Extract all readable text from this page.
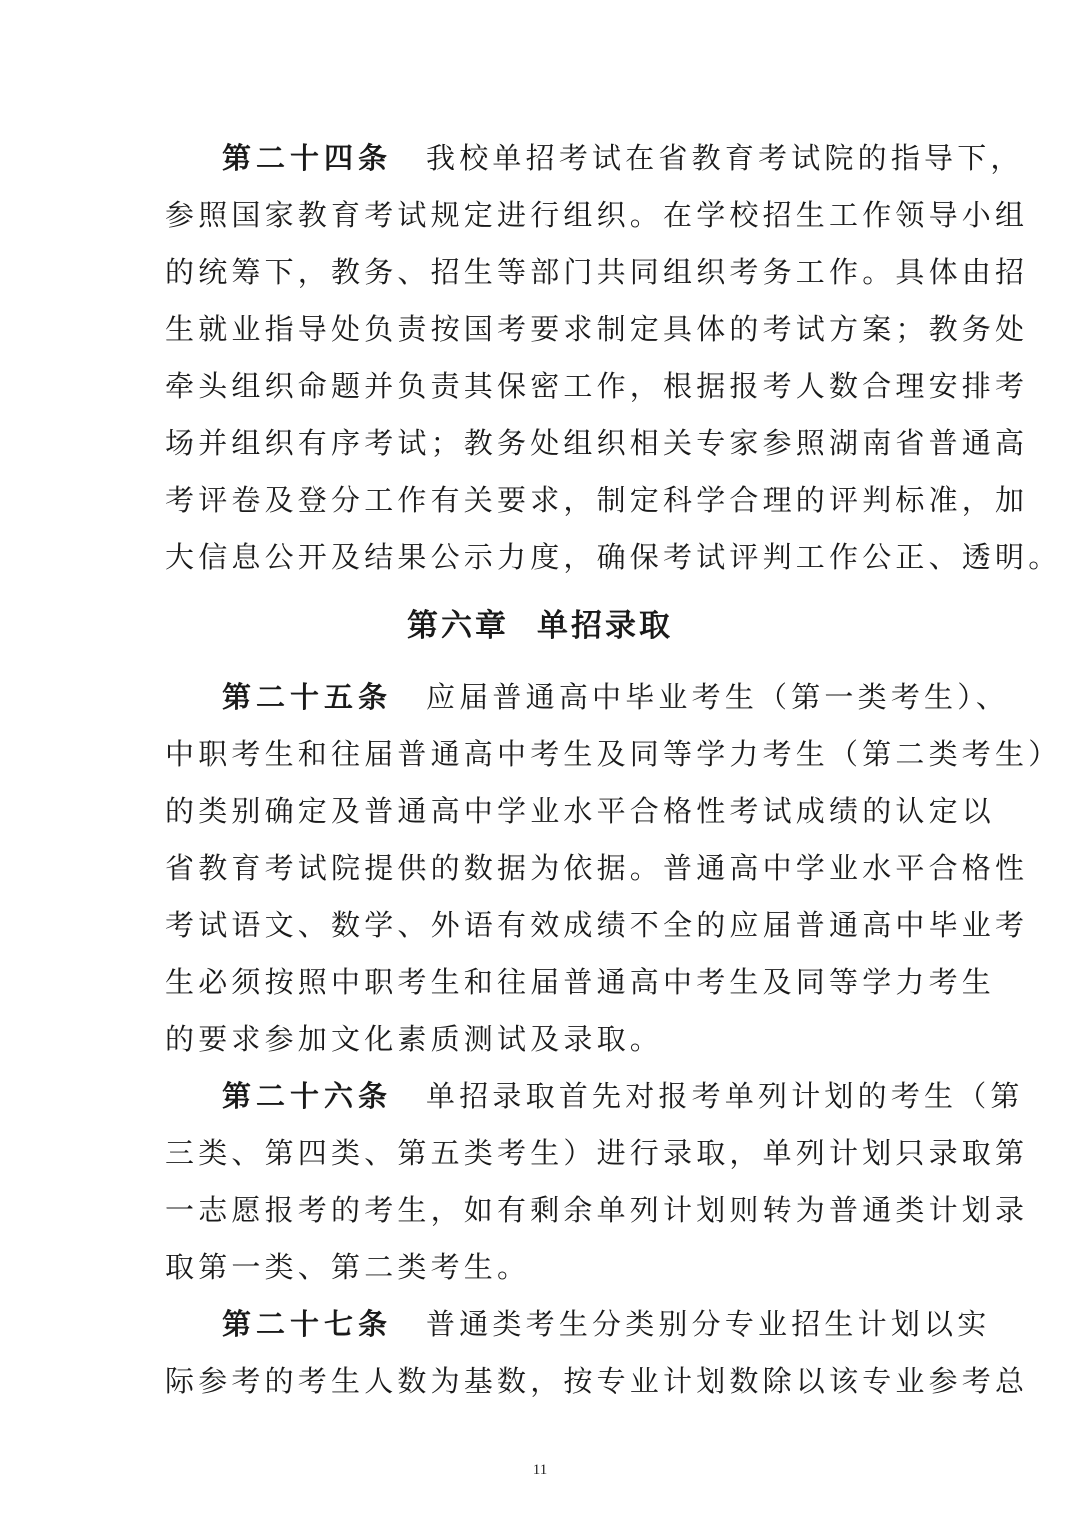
第二十四条 我校单招考试在省教育考试院的指导下，
参照国家教育考试规定进行组织。在学校招生工作领导小组
的统筹下，教务、招生等部门共同组织考务工作。具体由招
生就业指导处负责按国考要求制定具体的考试方案；教务处
牵头组织命题并负责其保密工作，根据报考人数合理安排考
场并组织有序考试；教务处组织相关专家参照湖南省普通高
考评卷及登分工作有关要求，制定科学合理的评判标准，加
大信息公开及结果公示力度，确保考试评判工作公正、透明。
第六章 单招录取
第二十五条 应届普通高中毕业考生（第一类考生）、
中职考生和往届普通高中考生及同等学力考生（第二类考生）
的类别确定及普通高中学业水平合格性考试成绩的认定以
省教育考试院提供的数据为依据。普通高中学业水平合格性
考试语文、数学、外语有效成绩不全的应届普通高中毕业考
生必须按照中职考生和往届普通高中考生及同等学力考生
的要求参加文化素质测试及录取。
第二十六条 单招录取首先对报考单列计划的考生（第
三类、第四类、第五类考生）进行录取，单列计划只录取第
一志愿报考的考生，如有剩余单列计划则转为普通类计划录
取第一类、第二类考生。
第二十七条 普通类考生分类别分专业招生计划以实
际参考的考生人数为基数，按专业计划数除以该专业参考总
11
